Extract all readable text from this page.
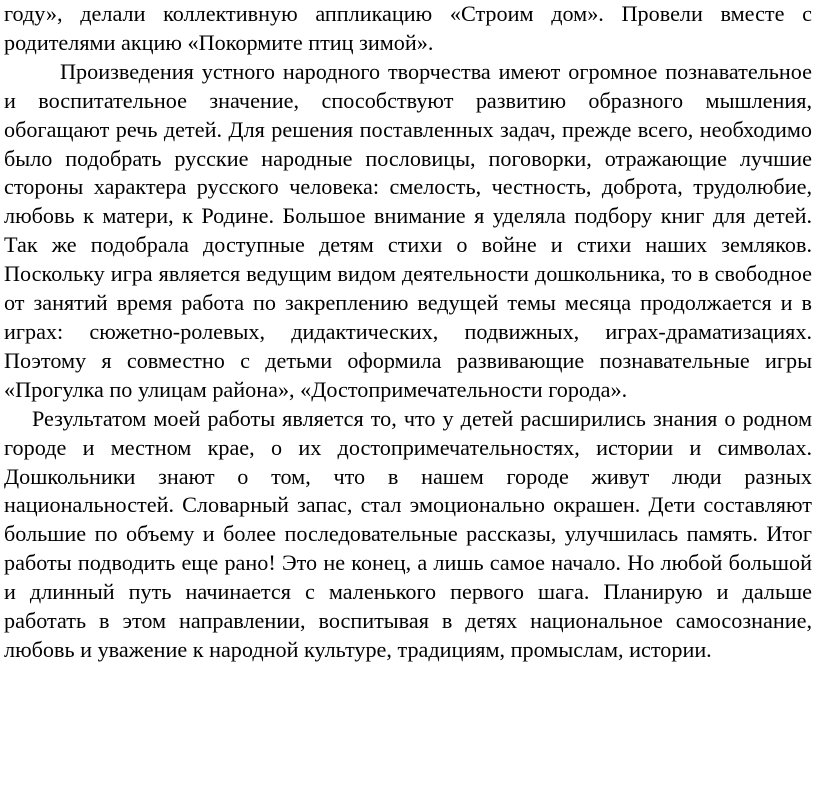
году», делали коллективную аппликацию «Строим дом». Провели вместе с родителями акцию «Покормите птиц зимой».

Произведения устного народного творчества имеют огромное познавательное и воспитательное значение, способствуют развитию образного мышления, обогащают речь детей. Для решения поставленных задач, прежде всего, необходимо было подобрать русские народные пословицы, поговорки, отражающие лучшие стороны характера русского человека: смелость, честность, доброта, трудолюбие, любовь к матери, к Родине. Большое внимание я уделяла подбору книг для детей. Так же подобрала доступные детям стихи о войне и стихи наших земляков. Поскольку игра является ведущим видом деятельности дошкольника, то в свободное от занятий время работа по закреплению ведущей темы месяца продолжается и в играх: сюжетно-ролевых, дидактических, подвижных, играх-драматизациях. Поэтому я совместно с детьми оформила развивающие познавательные игры «Прогулка по улицам района», «Достопримечательности города».

Результатом моей работы является то, что у детей расширились знания о родном городе и местном крае, о их достопримечательностях, истории и символах. Дошкольники знают о том, что в нашем городе живут люди разных национальностей. Словарный запас, стал эмоционально окрашен. Дети составляют большие по объему и более последовательные рассказы, улучшилась память. Итог работы подводить еще рано! Это не конец, а лишь самое начало. Но любой большой и длинный путь начинается с маленького первого шага. Планирую и дальше работать в этом направлении, воспитывая в детях национальное самосознание, любовь и уважение к народной культуре, традициям, промыслам, истории.
